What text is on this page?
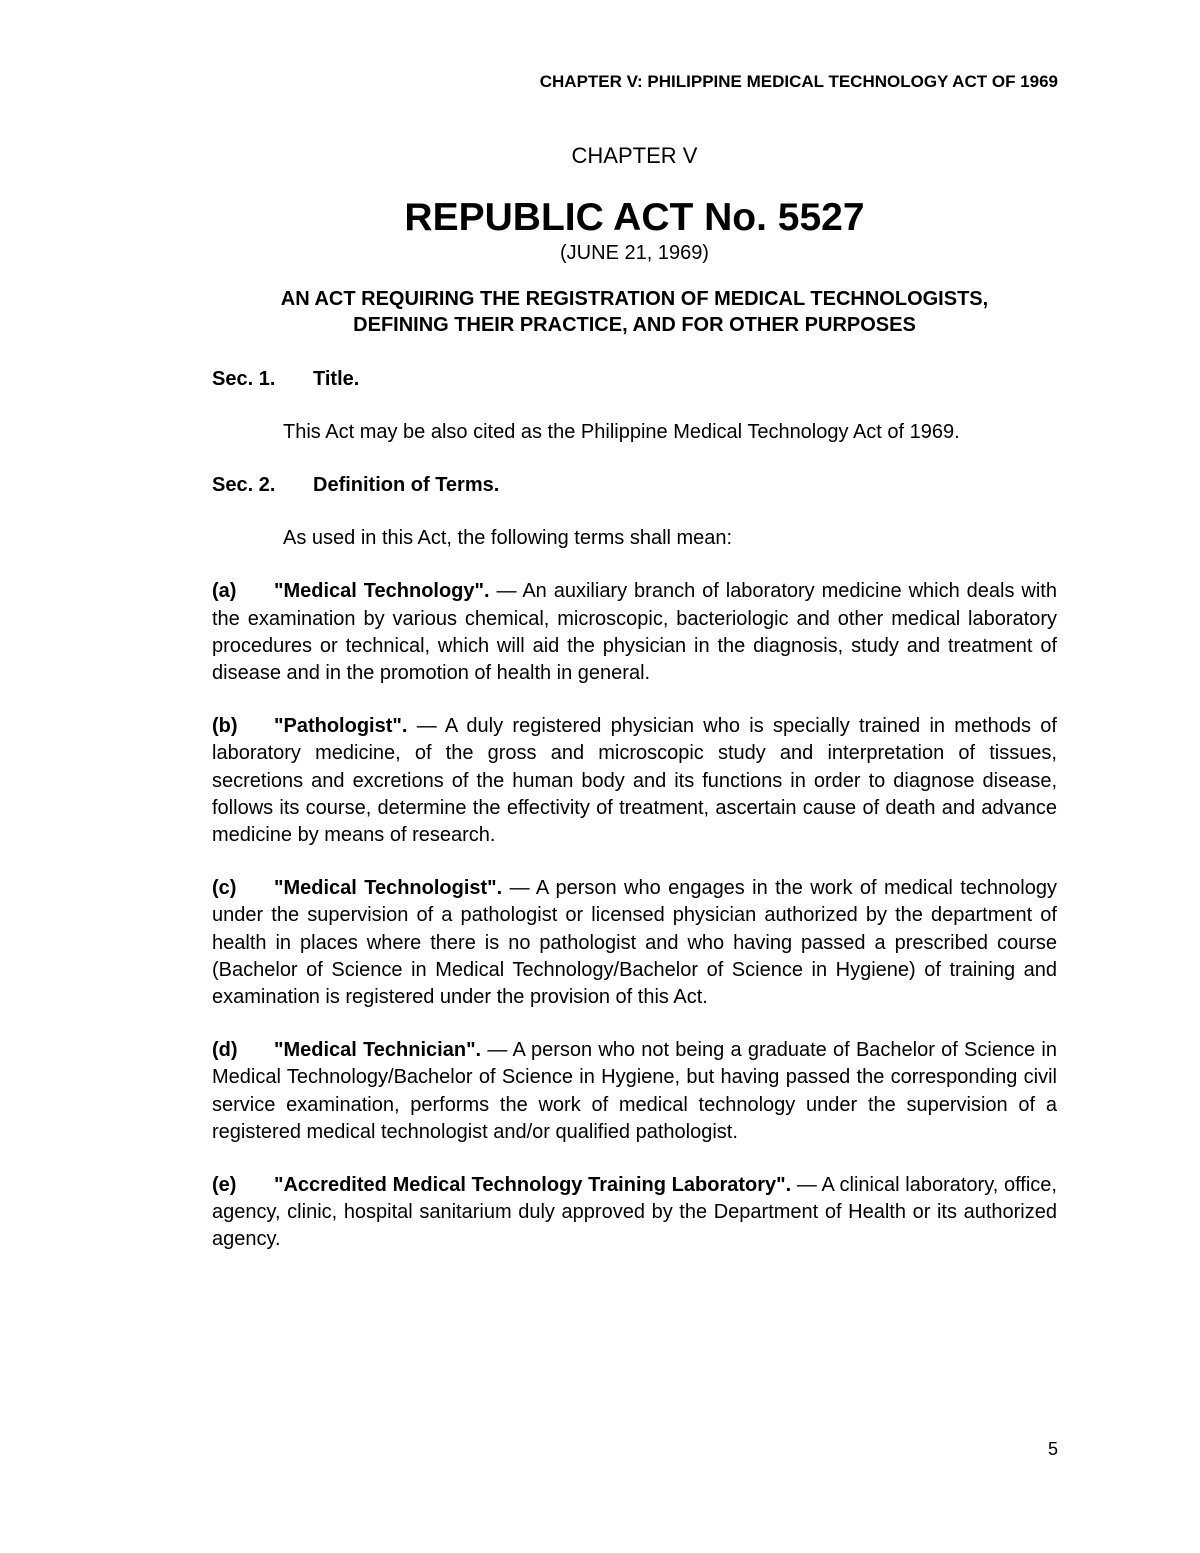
CHAPTER V: PHILIPPINE MEDICAL TECHNOLOGY ACT OF 1969

CHAPTER V

REPUBLIC ACT No. 5527

(JUNE 21, 1969)

AN ACT REQUIRING THE REGISTRATION OF MEDICAL TECHNOLOGISTS,
DEFINING THEIR PRACTICE, AND FOR OTHER PURPOSES

Sec. 1. Title.

This Act may be also cited as the Philippine Medical Technology Act of 1969.

Sec. 2. Definition of Terms.

As used in this Act, the following terms shall mean:

(a) "Medical Technology". — An auxiliary branch of laboratory medicine which deals with the examination by various chemical, microscopic, bacteriologic and other medical laboratory procedures or technical, which will aid the physician in the diagnosis, study and treatment of disease and in the promotion of health in general.

(b) "Pathologist". — A duly registered physician who is specially trained in methods of laboratory medicine, of the gross and microscopic study and interpretation of tissues, secretions and excretions of the human body and its functions in order to diagnose disease, follows its course, determine the effectivity of treatment, ascertain cause of death and advance medicine by means of research.

(c) "Medical Technologist". — A person who engages in the work of medical technology under the supervision of a pathologist or licensed physician authorized by the department of health in places where there is no pathologist and who having passed a prescribed course (Bachelor of Science in Medical Technology/Bachelor of Science in Hygiene) of training and examination is registered under the provision of this Act.

(d) "Medical Technician". — A person who not being a graduate of Bachelor of Science in Medical Technology/Bachelor of Science in Hygiene, but having passed the corresponding civil service examination, performs the work of medical technology under the supervision of a registered medical technologist and/or qualified pathologist.

(e) "Accredited Medical Technology Training Laboratory". — A clinical laboratory, office, agency, clinic, hospital sanitarium duly approved by the Department of Health or its authorized agency.

5
